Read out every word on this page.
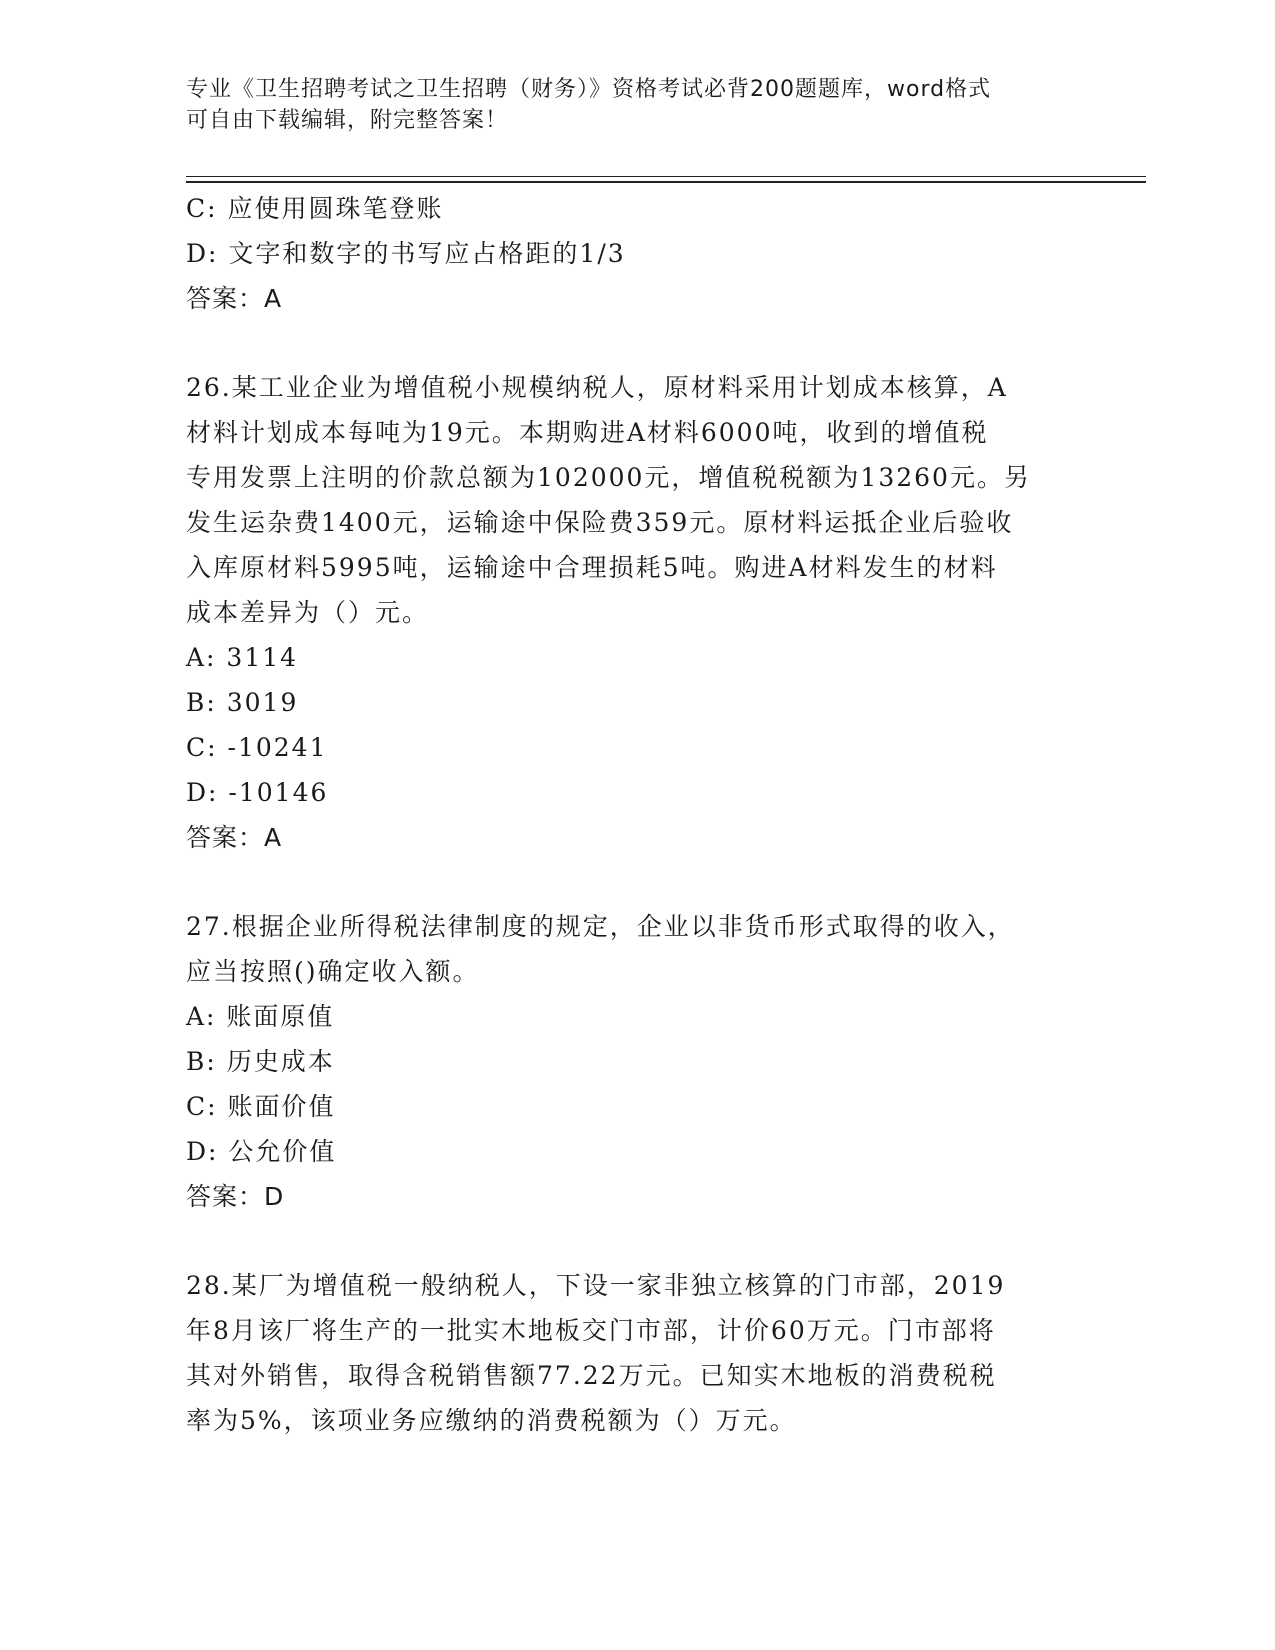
专业《卫生招聘考试之卫生招聘（财务）》资格考试必背200题题库，word格式
可自由下载编辑，附完整答案！
C: 应使用圆珠笔登账
D: 文字和数字的书写应占格距的1/3
答案：A
26.某工业企业为增值税小规模纳税人，原材料采用计划成本核算，A
材料计划成本每吨为19元。本期购进A材料6000吨，收到的增值税
专用发票上注明的价款总额为102000元，增值税税额为13260元。另
发生运杂费1400元，运输途中保险费359元。原材料运抵企业后验收
入库原材料5995吨，运输途中合理损耗5吨。购进A材料发生的材料
成本差异为（）元。
A: 3114
B: 3019
C: -10241
D: -10146
答案：A
27.根据企业所得税法律制度的规定，企业以非货币形式取得的收入，
应当按照()确定收入额。
A: 账面原值
B: 历史成本
C: 账面价值
D: 公允价值
答案：D
28.某厂为增值税一般纳税人，下设一家非独立核算的门市部，2019
年8月该厂将生产的一批实木地板交门市部，计价60万元。门市部将
其对外销售，取得含税销售额77.22万元。已知实木地板的消费税税
率为5%，该项业务应缴纳的消费税额为（）万元。
